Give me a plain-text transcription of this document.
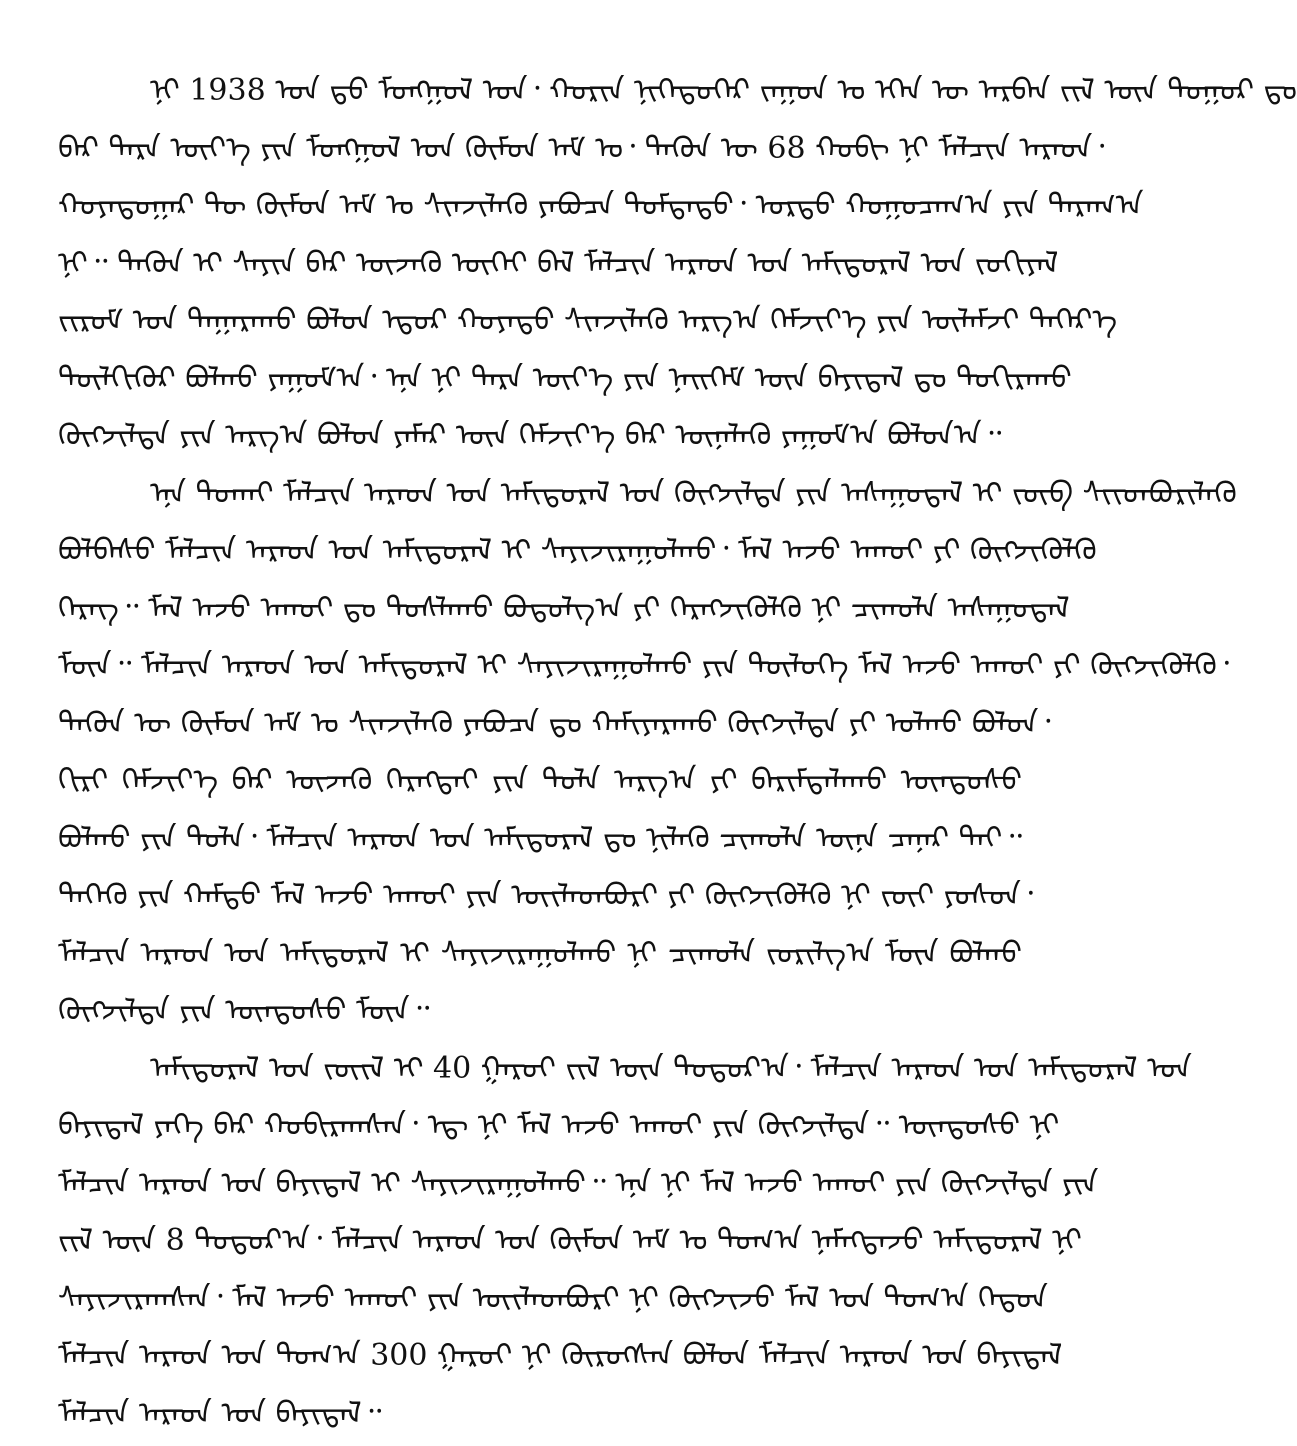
ᠨᠢ 1938 ᠣᠨ ᠳ᠋ᠤ ᠮᠣᠩᠭᠣᠯ ᠤᠨ᠂ ᠬᠣᠷᠢᠨ ᠨᠢᠭᠡᠳᠦᠭᠡᠷ ᠵᠠᠭᠤᠨ ᠤ ᠡᠬᠡᠨ ᠦ ᠠᠷᠪᠠᠨ ᠵᠢᠯ ᠦᠨ ᠳᠤᠭᠤᠷ ᠳᠤ
ᠪᠡᠷ ᠲᠡᠷᠡ ᠦᠶ᠎ᠡ ᠶᠢᠨ ᠮᠣᠩᠭᠣᠯ ᠤᠨ ᠬᠦᠮᠦᠨ ᠠᠮ ᠤ᠂ ᠲᠡᠭᠦᠨ ᠦ 68 ᠬᠤᠪᠢ ᠨᠢ ᠮᠠᠯᠴᠢᠨ ᠠᠷᠠᠳ᠂
ᠬᠣᠶᠠᠳᠤᠭᠠᠷ ᠲᠦ ᠬᠦᠮᠦᠨ ᠠᠮ ᠤ ᠰᠢᠨᠵᠢᠯᠡᠬᠦ ᠶᠠᠪᠤᠴᠠ ᠳᠤᠮᠳᠠᠳᠤ᠂ ᠤᠷᠲᠤ ᠬᠤᠭᠤᠴᠠᠭ᠎ᠠ ᠶᠢᠨ ᠳᠠᠷᠠᠭ᠎ᠠ
ᠨᠢ᠃ ᠲᠡᠭᠦᠨ ᠢ ᠰᠠᠶᠢᠨ ᠪᠠᠷ ᠦᠵᠡᠬᠦ ᠦᠭᠡᠢ ᠪᠡᠯ ᠮᠠᠯᠴᠢᠨ ᠠᠷᠠᠳ ᠤᠨ ᠠᠮᠢᠳᠤᠷᠠᠯ ᠤᠨ ᠵᠣᠬᠢᠶᠠᠯ
ᠵᠢᠷᠤᠮ ᠤᠨ ᠲᠠᠭᠠᠷᠠᠬᠤ ᠪᠣᠯᠤᠨ ᠡᠳ᠋ᠦᠷ ᠬᠣᠶᠠᠳᠤ ᠰᠢᠨᠵᠢᠯᠡᠬᠦ ᠠᠷᠭ᠎ᠠ ᠬᠡᠮᠵᠢᠶ᠎ᠡ ᠶᠢᠨ ᠦᠯᠡᠮᠵᠢ ᠳᠡᠭᠡᠷ᠎ᠡ
ᠲᠦᠯᠬᠢᠭᠦᠷ ᠪᠣᠯᠬᠤ ᠶᠠᠭᠤᠮ᠎ᠠ᠂ ᠡᠨᠡ ᠨᠢ ᠲᠡᠷᠡ ᠦᠶ᠎ᠡ ᠶᠢᠨ ᠨᠡᠢᠭᠡᠮ ᠦᠨ ᠪᠠᠶᠢᠳᠠᠯ ᠳᠤ ᠲᠣᠬᠢᠷᠠᠬᠤ
ᠬᠥᠭᠵᠢᠯᠲᠡ ᠶᠢᠨ ᠠᠷᠭ᠎ᠠ ᠪᠣᠯᠤᠨ ᠶᠠᠮᠠᠷ ᠦᠨ ᠬᠡᠮᠵᠢᠶ᠎ᠡ ᠪᠡᠷ ᠦᠨᠡᠯᠡᠬᠦ ᠶᠠᠭᠤᠮ᠎ᠠ ᠪᠣᠯᠤᠨ᠎ᠠ᠃
ᠡᠨᠡ ᠲᠤᠬᠠᠢ ᠮᠠᠯᠴᠢᠨ ᠠᠷᠠᠳ ᠤᠨ ᠠᠮᠢᠳᠤᠷᠠᠯ ᠤᠨ ᠬᠥᠭᠵᠢᠯᠲᠡ ᠶᠢᠨ ᠠᠰᠠᠭᠤᠳᠠᠯ ᠢ ᠵᠥᠪ ᠱᠢᠢᠳᠪᠦᠷᠢᠯᠡᠬᠦ
ᠪᠣᠯᠪᠠᠰᠤ ᠮᠠᠯᠴᠢᠨ ᠠᠷᠠᠳ ᠤᠨ ᠠᠮᠢᠳᠤᠷᠠᠯ ᠢ ᠰᠠᠶᠢᠵᠢᠷᠠᠭᠤᠯᠬᠤ᠂ ᠮᠠᠯ ᠠᠵᠤ ᠠᠬᠤᠢ ᠶᠢ ᠬᠥᠭᠵᠢᠭᠦᠯᠬᠦ
ᠬᠡᠷᠡᠭ᠃ ᠮᠠᠯ ᠠᠵᠤ ᠠᠬᠤᠢ ᠳᠤ ᠲᠤᠰᠯᠠᠬᠤ ᠪᠣᠳᠤᠯᠭ᠎ᠠ ᠶᠢ ᠬᠡᠷᠡᠭᠵᠢᠭᠦᠯᠬᠦ ᠨᠢ ᠴᠢᠬᠤᠯᠠ ᠠᠰᠠᠭᠤᠳᠠᠯ
ᠮᠥᠨ᠃ ᠮᠠᠯᠴᠢᠨ ᠠᠷᠠᠳ ᠤᠨ ᠠᠮᠢᠳᠤᠷᠠᠯ ᠢ ᠰᠠᠶᠢᠵᠢᠷᠠᠭᠤᠯᠬᠤ ᠶᠢᠨ ᠲᠥᠯᠦᠭᠡ ᠮᠠᠯ ᠠᠵᠤ ᠠᠬᠤᠢ ᠶᠢ ᠬᠥᠭᠵᠢᠭᠦᠯᠬᠦ᠂
ᠲᠡᠭᠦᠨ ᠦ ᠬᠦᠮᠦᠨ ᠠᠮ ᠤ ᠰᠢᠨᠵᠢᠯᠡᠬᠦ ᠶᠠᠪᠤᠴᠠ ᠳᠤ ᠬᠠᠮᠢᠶᠠᠷᠠᠬᠤ ᠬᠥᠭᠵᠢᠯᠲᠡ ᠶᠢ ᠣᠯᠬᠤ ᠪᠣᠯᠤᠨ᠂
ᠬᠢᠷᠢ ᠬᠡᠮᠵᠢᠶ᠎ᠡ ᠪᠡᠷ ᠦᠵᠡᠬᠦ ᠬᠡᠷᠡᠭᠲᠡᠢ ᠶᠢᠨ ᠲᠤᠯᠠ ᠠᠷᠭ᠎ᠠ ᠶᠢ ᠪᠠᠷᠢᠮᠲᠠᠯᠠᠬᠤ ᠦᠨᠳᠦᠰᠦ
ᠪᠣᠯᠬᠤ ᠶᠢᠨ ᠲᠤᠯᠠ᠂ ᠮᠠᠯᠴᠢᠨ ᠠᠷᠠᠳ ᠤᠨ ᠠᠮᠢᠳᠤᠷᠠᠯ ᠳᠤ ᠨᠢᠯᠡᠭᠦ ᠴᠢᠬᠤᠯᠠ ᠦᠨᠡ ᠴᠡᠨᠡᠷ ᠲᠡᠢ᠃
ᠲᠡᠭᠡᠬᠦ ᠶᠢᠨ ᠬᠠᠮᠲᠤ ᠮᠠᠯ ᠠᠵᠤ ᠠᠬᠤᠢ ᠶᠢᠨ ᠦᠢᠯᠡᠳᠪᠦᠷᠢ ᠶᠢ ᠬᠥᠭᠵᠢᠭᠦᠯᠬᠦ ᠨᠢ ᠵᠦᠢ ᠶᠣᠰᠣᠨ᠂
ᠮᠠᠯᠴᠢᠨ ᠠᠷᠠᠳ ᠤᠨ ᠠᠮᠢᠳᠤᠷᠠᠯ ᠢ ᠰᠠᠶᠢᠵᠢᠷᠠᠭᠤᠯᠬᠤ ᠨᠢ ᠴᠢᠬᠤᠯᠠ ᠵᠣᠷᠢᠯᠭ᠎ᠠ ᠮᠥᠨ ᠪᠣᠯᠬᠤ
ᠬᠥᠭᠵᠢᠯᠲᠡ ᠶᠢᠨ ᠦᠨᠳᠦᠰᠦ ᠮᠥᠨ᠃
ᠠᠮᠢᠳᠤᠷᠠᠯ ᠤᠨ ᠵᠦᠢᠯ ᠢ 40 ᠭᠠᠷᠤᠢ ᠵᠢᠯ ᠦᠨ ᠳᠤᠲᠤᠷ᠎ᠠ᠂ ᠮᠠᠯᠴᠢᠨ ᠠᠷᠠᠳ ᠤᠨ ᠠᠮᠢᠳᠤᠷᠠᠯ ᠤᠨ
ᠪᠠᠶᠢᠳᠠᠯ ᠶᠡᠬᠡ ᠪᠡᠷ ᠬᠤᠪᠢᠷᠠᠭᠰᠠᠨ᠂ ᠡᠳ᠋ ᠨᠢ ᠮᠠᠯ ᠠᠵᠤ ᠠᠬᠤᠢ ᠶᠢᠨ ᠬᠥᠭᠵᠢᠯᠲᠡ᠃ ᠦᠨᠳᠦᠰᠦ ᠨᠢ
ᠮᠠᠯᠴᠢᠨ ᠠᠷᠠᠳ ᠤᠨ ᠪᠠᠶᠢᠳᠠᠯ ᠢ ᠰᠠᠶᠢᠵᠢᠷᠠᠭᠤᠯᠬᠤ᠃ ᠡᠨᠡ ᠨᠢ ᠮᠠᠯ ᠠᠵᠤ ᠠᠬᠤᠢ ᠶᠢᠨ ᠬᠥᠭᠵᠢᠯᠲᠡ ᠶᠢᠨ
ᠵᠢᠯ ᠦᠨ 8 ᠳᠤᠲᠤᠷ᠎ᠠ᠂ ᠮᠠᠯᠴᠢᠨ ᠠᠷᠠᠳ ᠤᠨ ᠬᠦᠮᠦᠨ ᠠᠮ ᠤ ᠲᠣᠭ᠎ᠠ ᠨᠡᠮᠡᠭᠳᠡᠵᠦ ᠠᠮᠢᠳᠤᠷᠠᠯ ᠨᠢ
ᠰᠠᠶᠢᠵᠢᠷᠠᠭᠰᠠᠨ᠂ ᠮᠠᠯ ᠠᠵᠤ ᠠᠬᠤᠢ ᠶᠢᠨ ᠦᠢᠯᠡᠳᠪᠦᠷᠢ ᠨᠢ ᠬᠥᠭᠵᠢᠵᠦ ᠮᠠᠯ ᠤᠨ ᠲᠣᠭ᠎ᠠ ᠬᠡᠳᠦᠨ
ᠮᠠᠯᠴᠢᠨ ᠠᠷᠠᠳ ᠤᠨ ᠲᠣᠭ᠎ᠠ 300 ᠭᠠᠷᠤᠢ ᠨᠢ ᠬᠦᠷᠦᠭᠰᠡᠨ ᠪᠣᠯᠤᠨ ᠮᠠᠯᠴᠢᠨ ᠠᠷᠠᠳ ᠤᠨ ᠪᠠᠶᠢᠳᠠᠯ
ᠮᠠᠯᠴᠢᠨ ᠠᠷᠠᠳ ᠤᠨ ᠪᠠᠶᠢᠳᠠᠯ᠃
